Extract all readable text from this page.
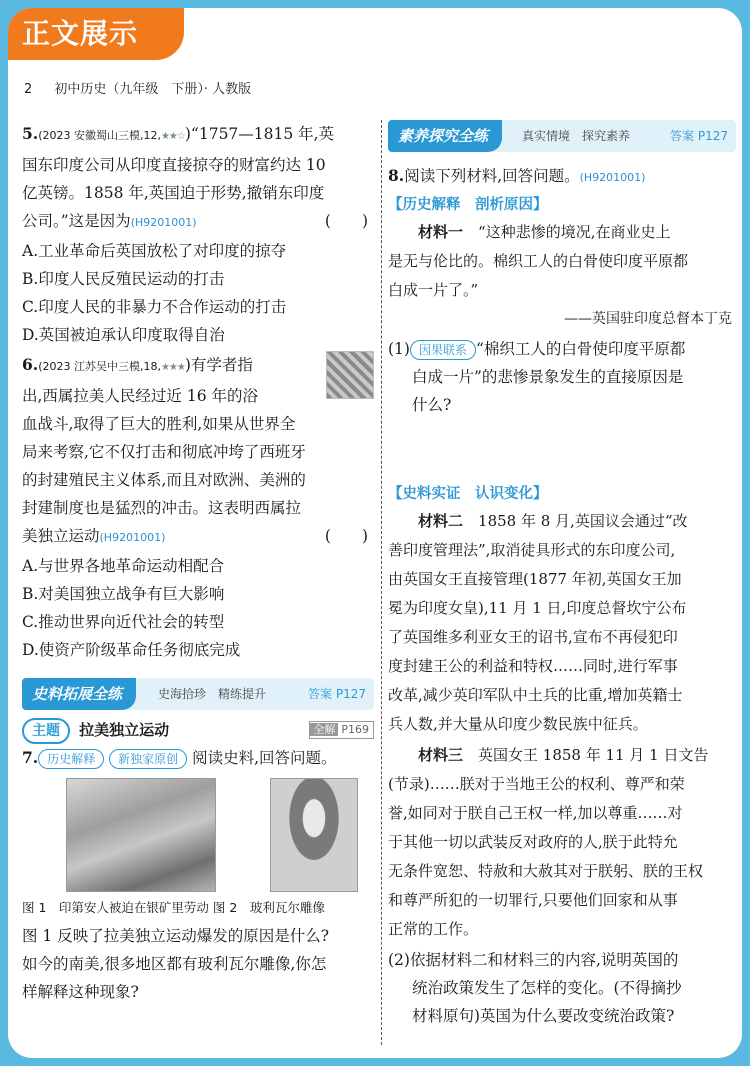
正文展示
2 初中历史（九年级　下册）· 人教版

5.(2023 安徽蜀山三模,12,★★☆)“1757—1815 年,英

国东印度公司从印度直接掠夺的财富约达 10

亿英镑。1858 年,英国迫于形势,撤销东印度

公司。”这是因为(H9201001)	(　　)

A.工业革命后英国放松了对印度的掠夺

B.印度人民反殖民运动的打击

C.印度人民的非暴力不合作运动的打击

D.英国被迫承认印度取得自治

6.(2023 江苏吴中三模,18,★★★)有学者指

出,西属拉美人民经过近 16 年的浴

血战斗,取得了巨大的胜利,如果从世界全

局来考察,它不仅打击和彻底冲垮了西班牙

的封建殖民主义体系,而且对欧洲、美洲的

封建制度也是猛烈的冲击。这表明西属拉

美独立运动(H9201001)	(　　)

A.与世界各地革命运动相配合

B.对美国独立战争有巨大影响

C.推动世界向近代社会的转型

D.使资产阶级革命任务彻底完成

史料拓展全练	史海拾珍　精练提升	答案 P127
主题 拉美独立运动	全解 P169

7. 历史解释 新独家原创 阅读史料,回答问题。

图 1　印第安人被迫在银矿里劳动 图 2　玻利瓦尔雕像

图 1 反映了拉美独立运动爆发的原因是什么?

如今的南美,很多地区都有玻利瓦尔雕像,你怎

样解释这种现象?

素养探究全练	真实情境　探究素养	答案 P127

8.阅读下列材料,回答问题。(H9201001)

【历史解释　剖析原因】

材料一　 “这种悲惨的境况,在商业史上

是无与伦比的。棉织工人的白骨使印度平原都

白成一片了。”

——英国驻印度总督本丁克

(1) 因果联系 “棉织工人的白骨使印度平原都

白成一片”的悲惨景象发生的直接原因是

什么?

【史料实证　认识变化】

材料二　 1858 年 8 月,英国议会通过“改

善印度管理法”,取消徒具形式的东印度公司,

由英国女王直接管理(1877 年初,英国女王加

冕为印度女皇),11 月 1 日,印度总督坎宁公布

了英国维多利亚女王的诏书,宣布不再侵犯印

度封建王公的利益和特权……同时,进行军事

改革,减少英印军队中土兵的比重,增加英籍士

兵人数,并大量从印度少数民族中征兵。

材料三　 英国女王 1858 年 11 月 1 日文告

(节录)……朕对于当地王公的权利、尊严和荣

誉,如同对于朕自己王权一样,加以尊重……对

于其他一切以武装反对政府的人,朕于此特允

无条件宽恕、特赦和大赦其对于朕躬、朕的王权

和尊严所犯的一切罪行,只要他们回家和从事

正常的工作。

(2)依据材料二和材料三的内容,说明英国的

统治政策发生了怎样的变化。(不得摘抄

材料原句)英国为什么要改变统治政策?
